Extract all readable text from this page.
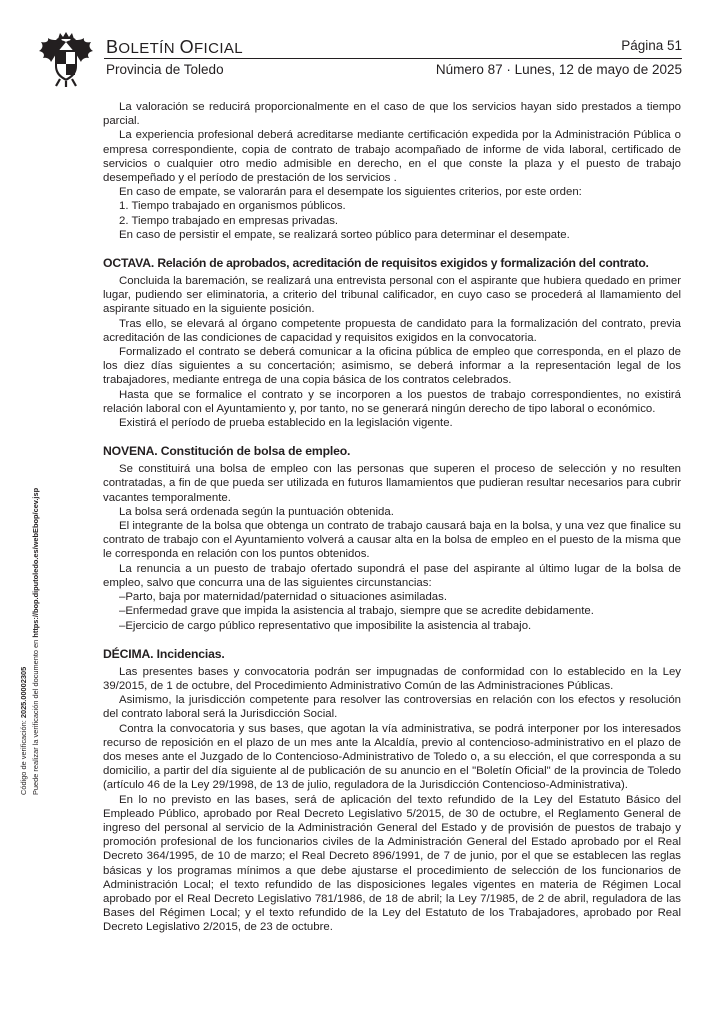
BOLETÍN OFICIAL	Página 51
Provincia de Toledo	Número 87 · Lunes, 12 de mayo de 2025
Código de verificación: 2025.00002305 Puede realizar la verificación del documento en https://bop.diputoledo.es/webEbop/cev.jsp

La valoración se reducirá proporcionalmente en el caso de que los servicios hayan sido prestados a tiempo parcial.

La experiencia profesional deberá acreditarse mediante certificación expedida por la Administración Pública o empresa correspondiente, copia de contrato de trabajo acompañado de informe de vida laboral, certificado de servicios o cualquier otro medio admisible en derecho, en el que conste la plaza y el puesto de trabajo desempeñado y el período de prestación de los servicios .

En caso de empate, se valorarán para el desempate los siguientes criterios, por este orden:

1. Tiempo trabajado en organismos públicos.

2. Tiempo trabajado en empresas privadas.

En caso de persistir el empate, se realizará sorteo público para determinar el desempate.

OCTAVA. Relación de aprobados, acreditación de requisitos exigidos y formalización del contrato.

Concluida la baremación, se realizará una entrevista personal con el aspirante que hubiera quedado en primer lugar, pudiendo ser eliminatoria, a criterio del tribunal calificador, en cuyo caso se procederá al llamamiento del aspirante situado en la siguiente posición.

Tras ello, se elevará al órgano competente propuesta de candidato para la formalización del contrato, previa acreditación de las condiciones de capacidad y requisitos exigidos en la convocatoria.

Formalizado el contrato se deberá comunicar a la oficina pública de empleo que corresponda, en el plazo de los diez días siguientes a su concertación; asimismo, se deberá informar a la representación legal de los trabajadores, mediante entrega de una copia básica de los contratos celebrados.

Hasta que se formalice el contrato y se incorporen a los puestos de trabajo correspondientes, no existirá relación laboral con el Ayuntamiento y, por tanto, no se generará ningún derecho de tipo laboral o económico.

Existirá el período de prueba establecido en la legislación vigente.

NOVENA. Constitución de bolsa de empleo.

Se constituirá una bolsa de empleo con las personas que superen el proceso de selección y no resulten contratadas, a fin de que pueda ser utilizada en futuros llamamientos que pudieran resultar necesarios para cubrir vacantes temporalmente.

La bolsa será ordenada según la puntuación obtenida.

El integrante de la bolsa que obtenga un contrato de trabajo causará baja en la bolsa, y una vez que finalice su contrato de trabajo con el Ayuntamiento volverá a causar alta en la bolsa de empleo en el puesto de la misma que le corresponda en relación con los puntos obtenidos.

La renuncia a un puesto de trabajo ofertado supondrá el pase del aspirante al último lugar de la bolsa de empleo, salvo que concurra una de las siguientes circunstancias:

–Parto, baja por maternidad/paternidad o situaciones asimiladas.

–Enfermedad grave que impida la asistencia al trabajo, siempre que se acredite debidamente.

–Ejercicio de cargo público representativo que imposibilite la asistencia al trabajo.

DÉCIMA. Incidencias.

Las presentes bases y convocatoria podrán ser impugnadas de conformidad con lo establecido en la Ley 39/2015, de 1 de octubre, del Procedimiento Administrativo Común de las Administraciones Públicas.

Asimismo, la jurisdicción competente para resolver las controversias en relación con los efectos y resolución del contrato laboral será la Jurisdicción Social.

Contra la convocatoria y sus bases, que agotan la vía administrativa, se podrá interponer por los interesados recurso de reposición en el plazo de un mes ante la Alcaldía, previo al contencioso-administrativo en el plazo de dos meses ante el Juzgado de lo Contencioso-Administrativo de Toledo o, a su elección, el que corresponda a su domicilio, a partir del día siguiente al de publicación de su anuncio en el "Boletín Oficial" de la provincia de Toledo (artículo 46 de la Ley 29/1998, de 13 de julio, reguladora de la Jurisdicción Contencioso-Administrativa).

En lo no previsto en las bases, será de aplicación del texto refundido de la Ley del Estatuto Básico del Empleado Público, aprobado por Real Decreto Legislativo 5/2015, de 30 de octubre, el Reglamento General de ingreso del personal al servicio de la Administración General del Estado y de provisión de puestos de trabajo y promoción profesional de los funcionarios civiles de la Administración General del Estado aprobado por el Real Decreto 364/1995, de 10 de marzo; el Real Decreto 896/1991, de 7 de junio, por el que se establecen las reglas básicas y los programas mínimos a que debe ajustarse el procedimiento de selección de los funcionarios de Administración Local; el texto refundido de las disposiciones legales vigentes en materia de Régimen Local aprobado por el Real Decreto Legislativo 781/1986, de 18 de abril; la Ley 7/1985, de 2 de abril, reguladora de las Bases del Régimen Local; y el texto refundido de la Ley del Estatuto de los Trabajadores, aprobado por Real Decreto Legislativo 2/2015, de 23 de octubre.
